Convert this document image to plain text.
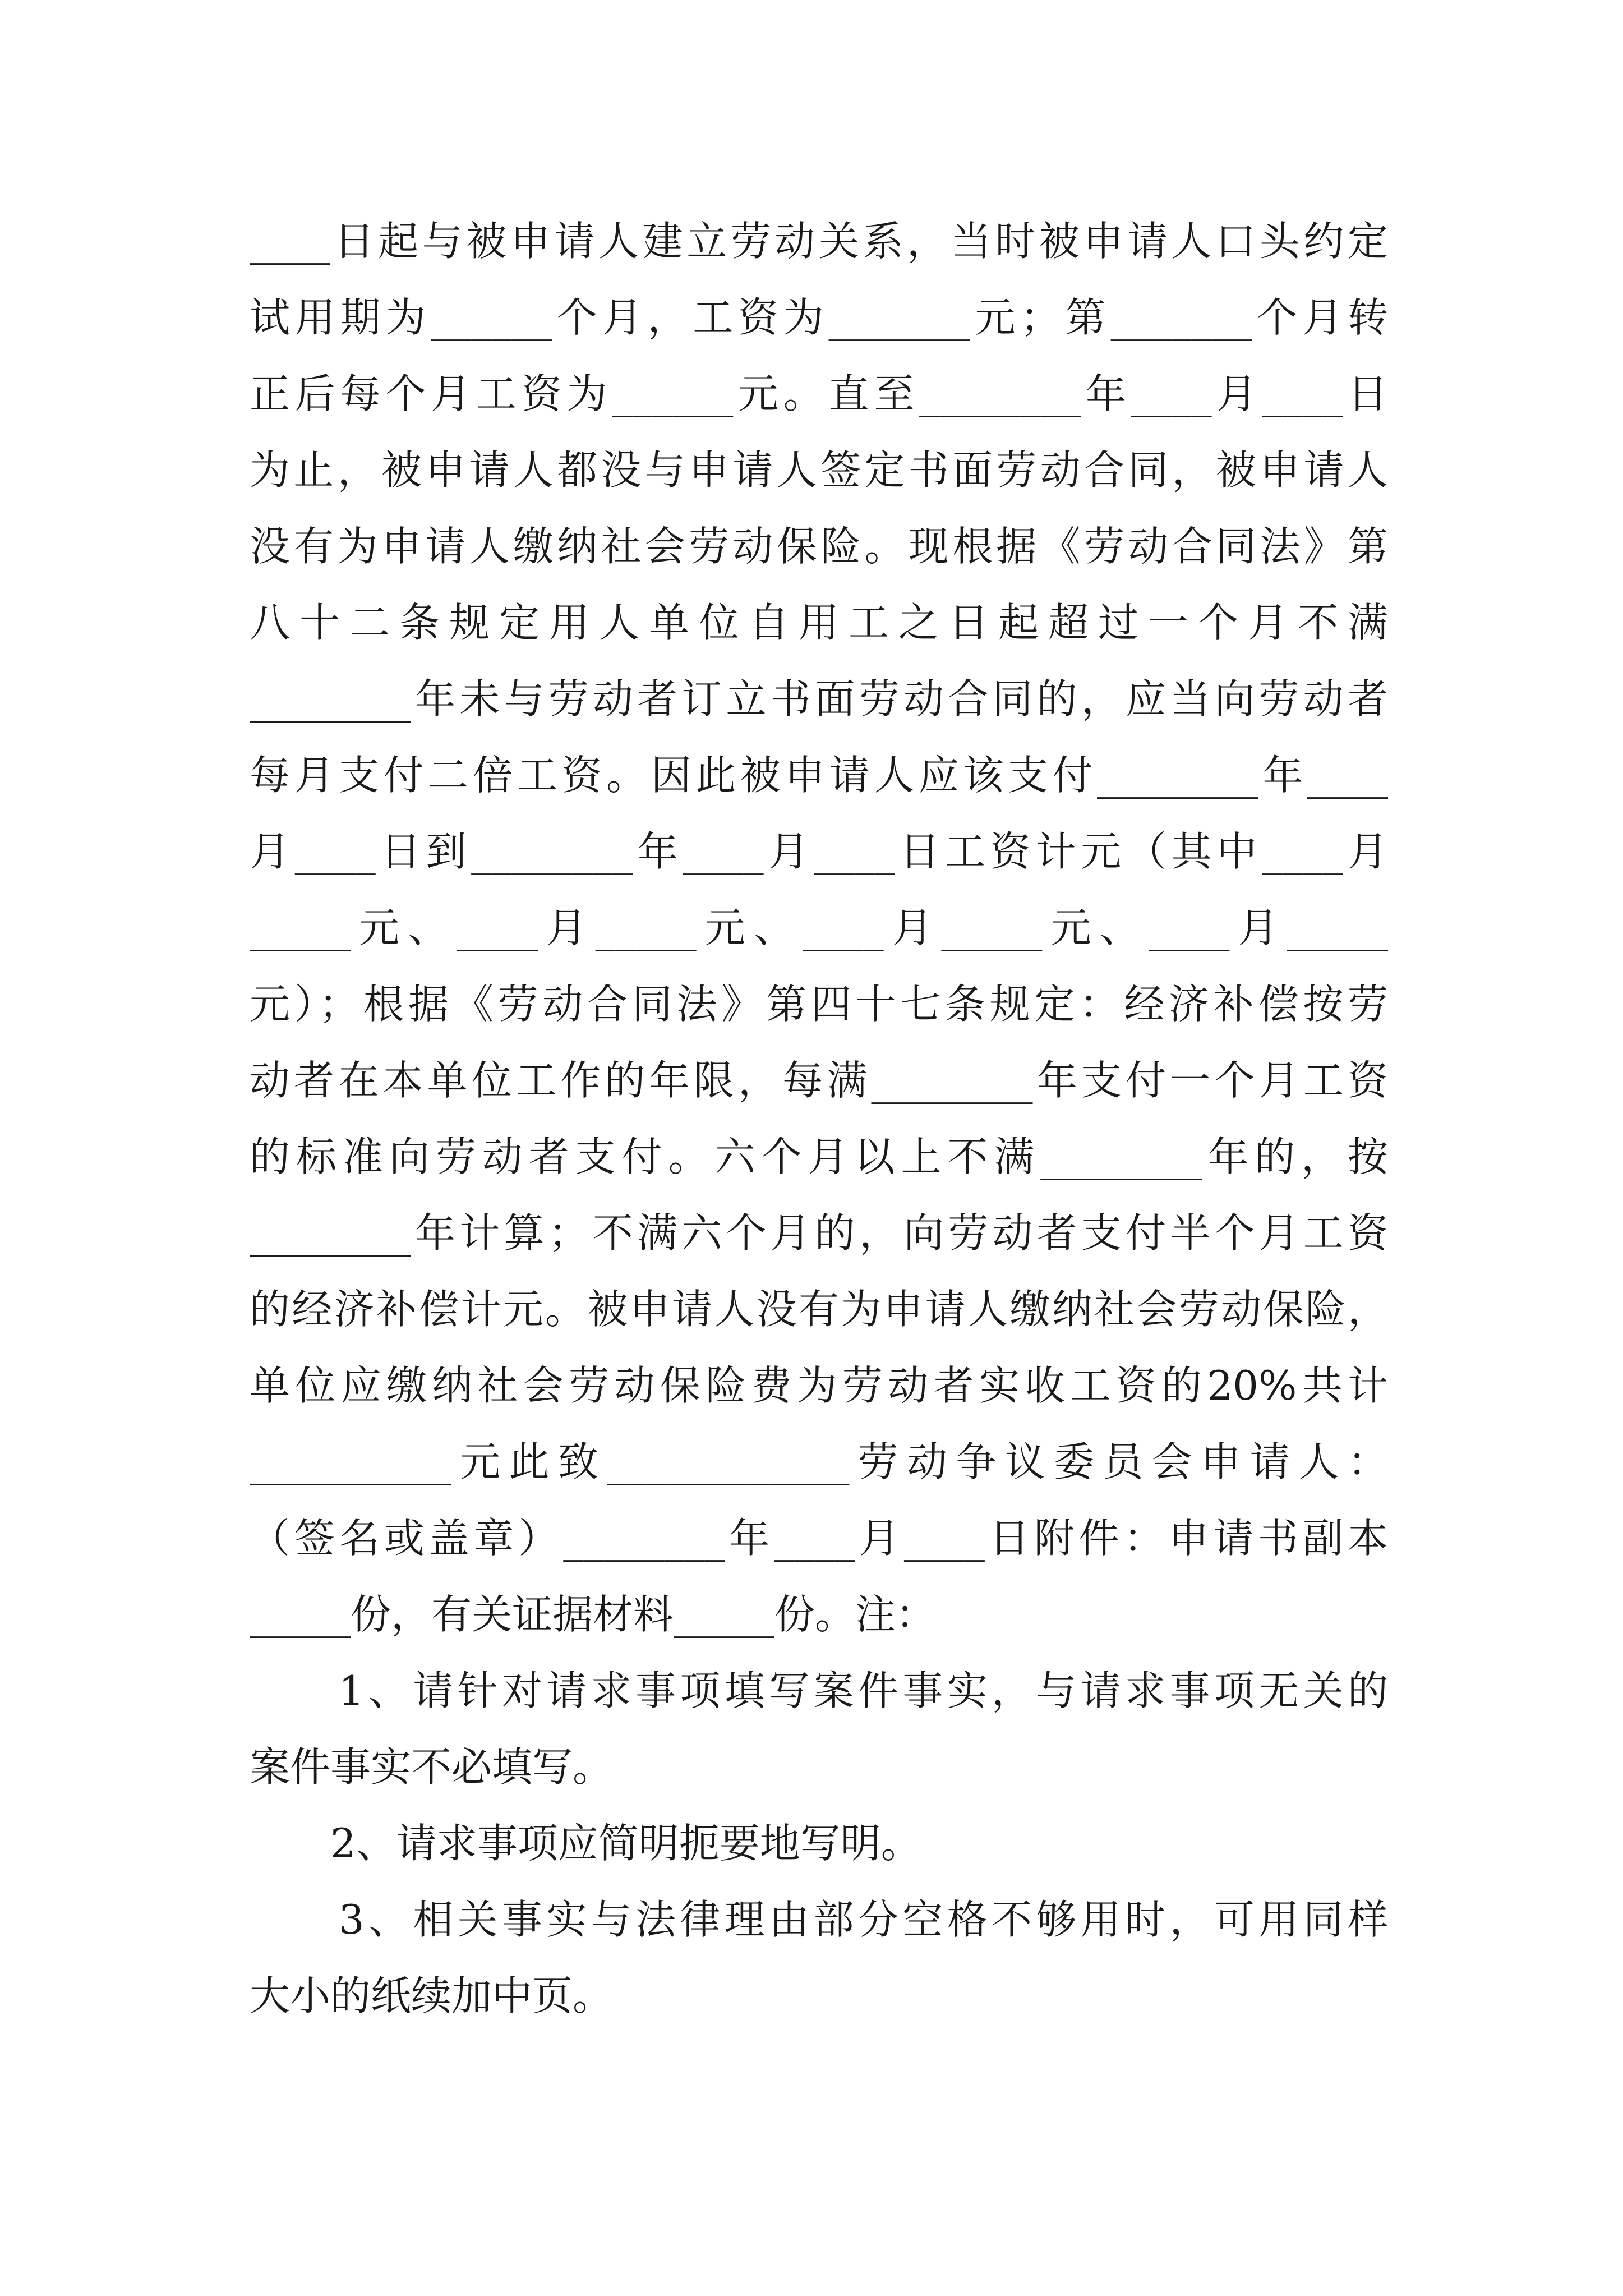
____日起与被申请人建立劳动关系，当时被申请人口头约定
试用期为______个月，工资为_______元；第_______个月转
正后每个月工资为______元。直至________年____月____日
为止，被申请人都没与申请人签定书面劳动合同，被申请人
没有为申请人缴纳社会劳动保险。现根据《劳动合同法》第
八十二条规定用人单位自用工之日起超过一个月不满
________年未与劳动者订立书面劳动合同的，应当向劳动者
每月支付二倍工资。因此被申请人应该支付________年____
月____日到________年____月____日工资计元（其中____月
_____元、____月_____元、____月_____元、____月_____
元）；根据《劳动合同法》第四十七条规定：经济补偿按劳
动者在本单位工作的年限，每满________年支付一个月工资
的标准向劳动者支付。六个月以上不满________年的，按
________年计算；不满六个月的，向劳动者支付半个月工资
的经济补偿计元。被申请人没有为申请人缴纳社会劳动保险，
单位应缴纳社会劳动保险费为劳动者实收工资的20%共计
__________元此致____________劳动争议委员会申请人：
（签名或盖章）________年____月____日附件：申请书副本
_____份，有关证据材料_____份。注：
　　1、请针对请求事项填写案件事实，与请求事项无关的
案件事实不必填写。
　　2、请求事项应简明扼要地写明。
　　3、相关事实与法律理由部分空格不够用时，可用同样
大小的纸续加中页。
